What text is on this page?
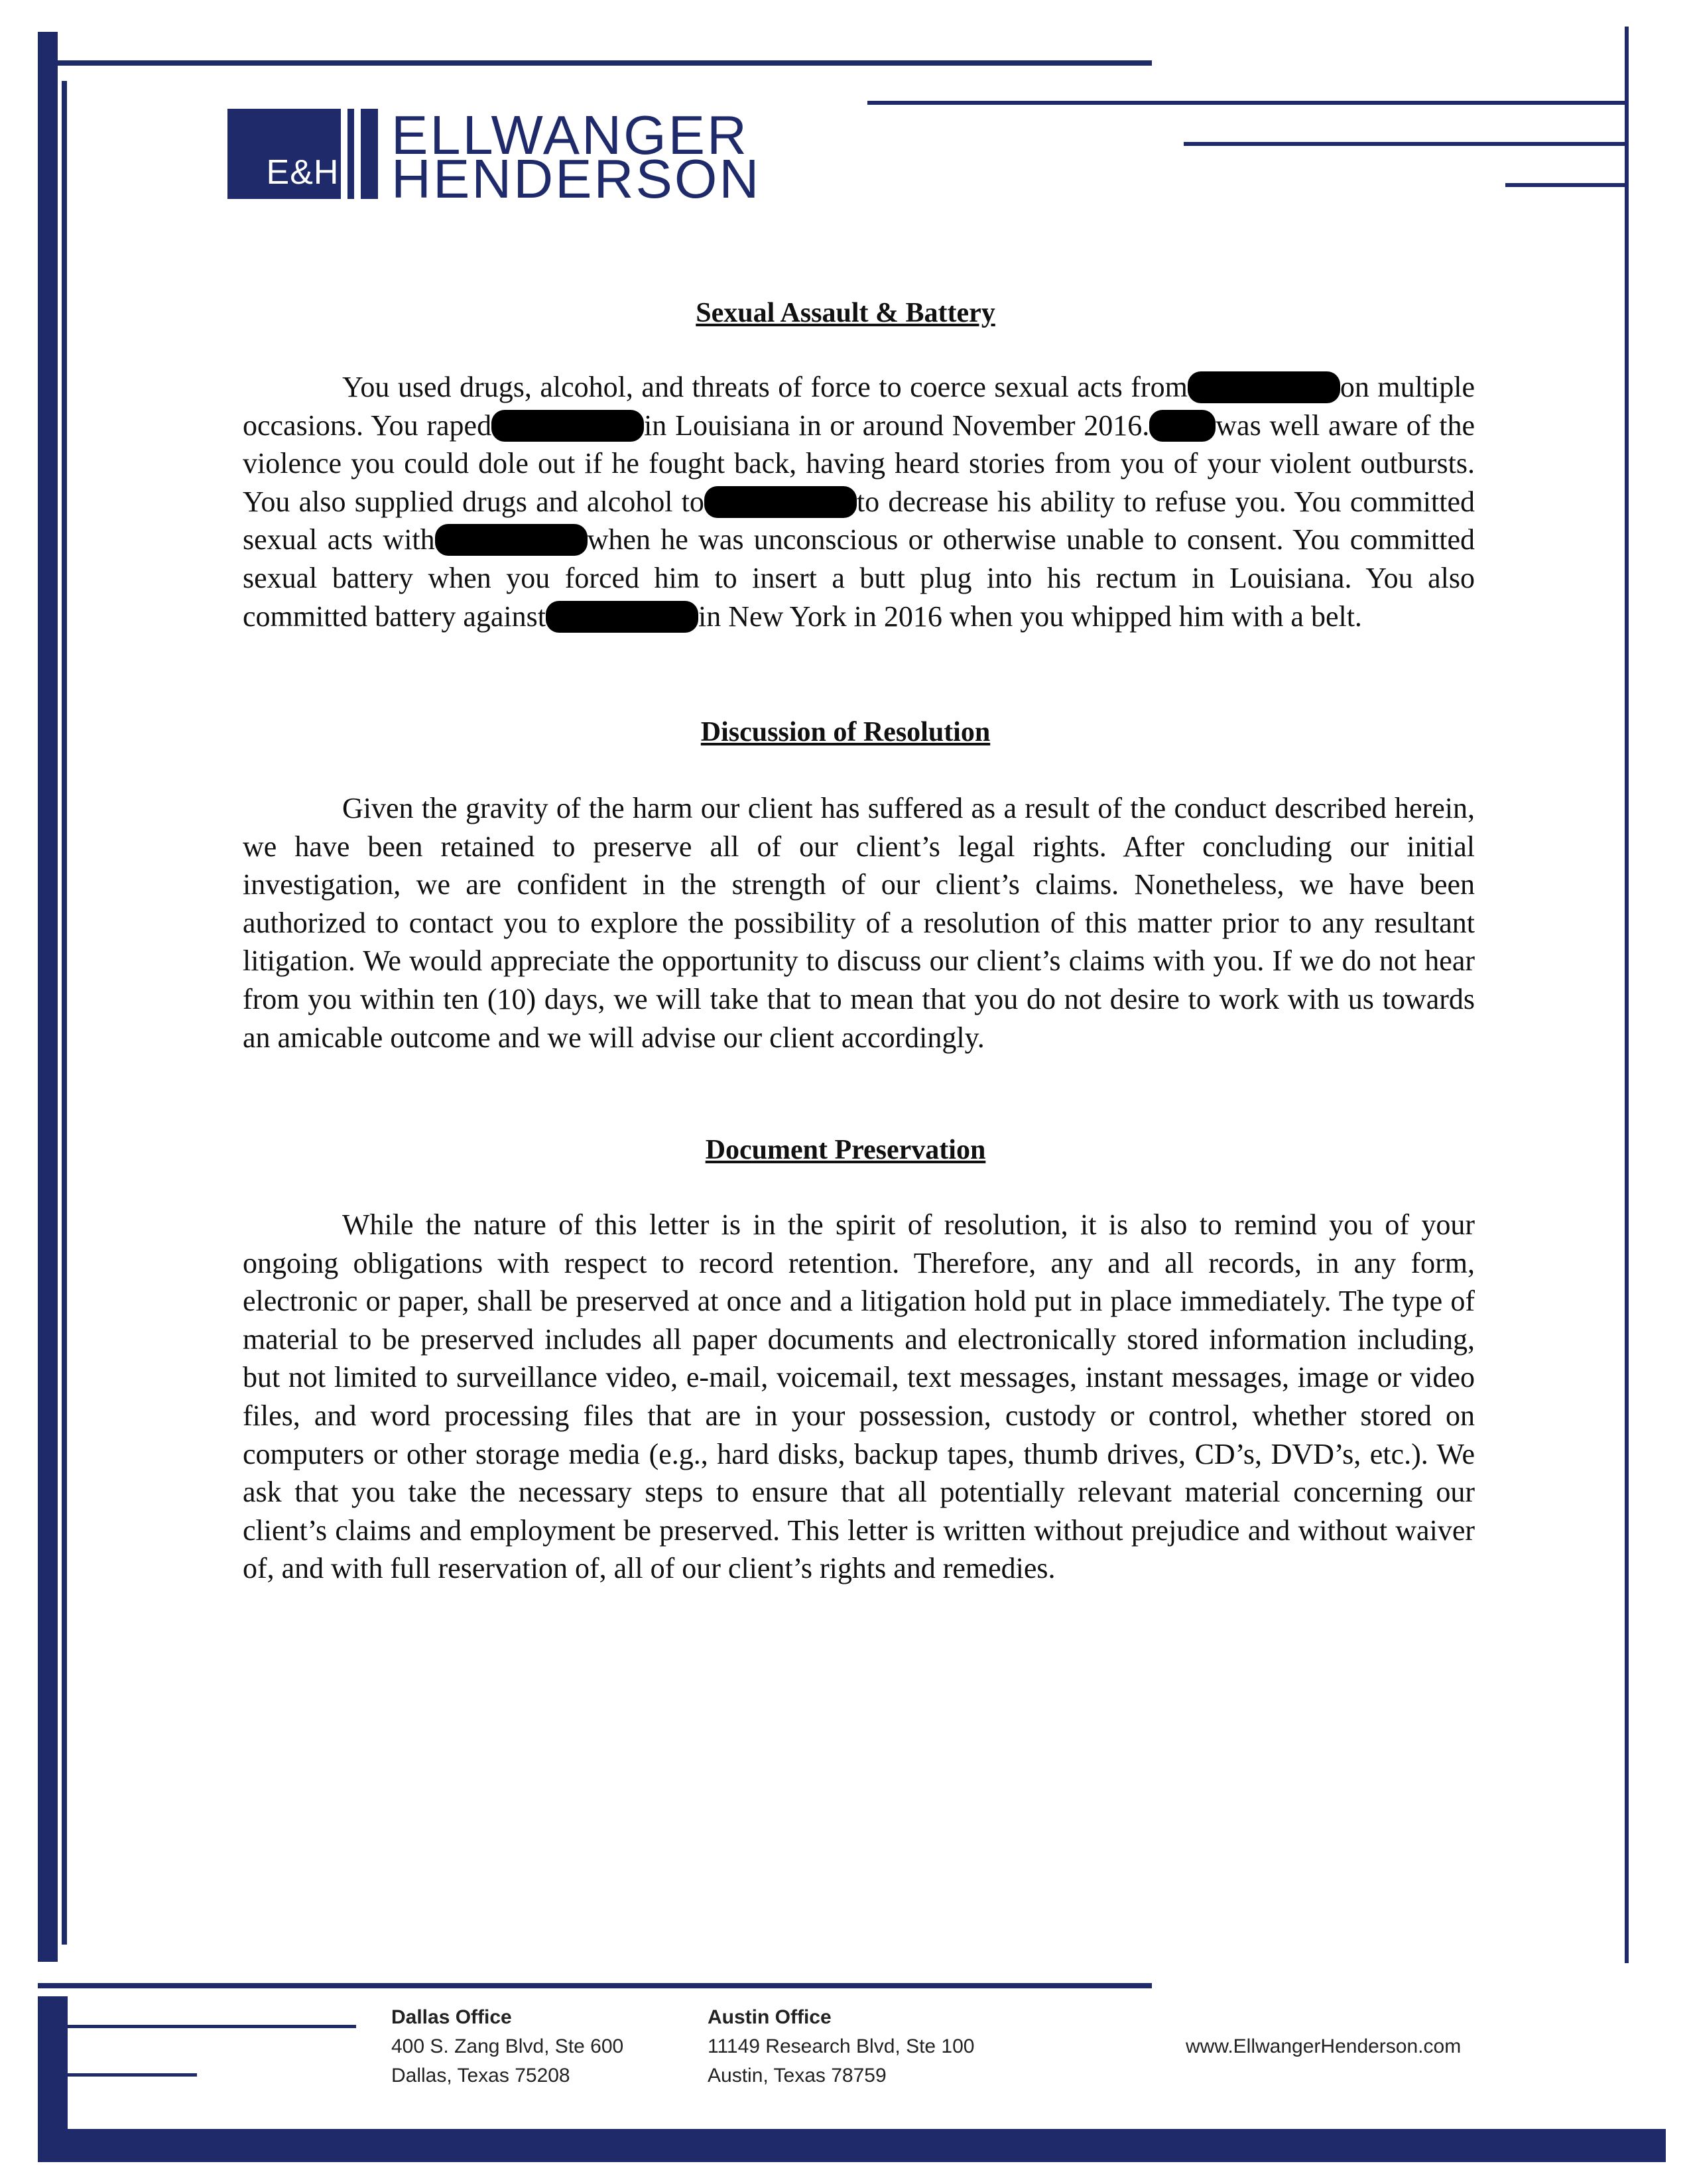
E&H
ELLWANGER
HENDERSON
Sexual Assault & Battery

You used drugs, alcohol, and threats of force to coerce sexual acts from	on multiple occasions. You raped	in Louisiana in or around November 2016. was well aware of the violence you could dole out if he fought back, having heard stories from you of your violent outbursts. You also supplied drugs and alcohol to	to decrease his ability to refuse you. You committed sexual acts with	when he was unconscious or otherwise unable to consent. You committed sexual battery when you forced him to insert a butt plug into his rectum in Louisiana. You also committed battery against	in New York in 2016 when you whipped him with a belt.

Discussion of Resolution

Given the gravity of the harm our client has suffered as a result of the conduct described herein, we have been retained to preserve all of our client’s legal rights. After concluding our initial investigation, we are confident in the strength of our client’s claims. Nonetheless, we have been authorized to contact you to explore the possibility of a resolution of this matter prior to any resultant litigation. We would appreciate the opportunity to discuss our client’s claims with you. If we do not hear from you within ten (10) days, we will take that to mean that you do not desire to work with us towards an amicable outcome and we will advise our client accordingly.

Document Preservation

While the nature of this letter is in the spirit of resolution, it is also to remind you of your ongoing obligations with respect to record retention. Therefore, any and all records, in any form, electronic or paper, shall be preserved at once and a litigation hold put in place immediately. The type of material to be preserved includes all paper documents and electronically stored information including, but not limited to surveillance video, e-mail, voicemail, text messages, instant messages, image or video files, and word processing files that are in your possession, custody or control, whether stored on computers or other storage media (e.g., hard disks, backup tapes, thumb drives, CD’s, DVD’s, etc.). We ask that you take the necessary steps to ensure that all potentially relevant material concerning our client’s claims and employment be preserved. This letter is written without prejudice and without waiver of, and with full reservation of, all of our client’s rights and remedies.

Dallas Office
400 S. Zang Blvd, Ste 600
Dallas, Texas 75208
Austin Office
11149 Research Blvd, Ste 100
Austin, Texas 78759
www.EllwangerHenderson.com
